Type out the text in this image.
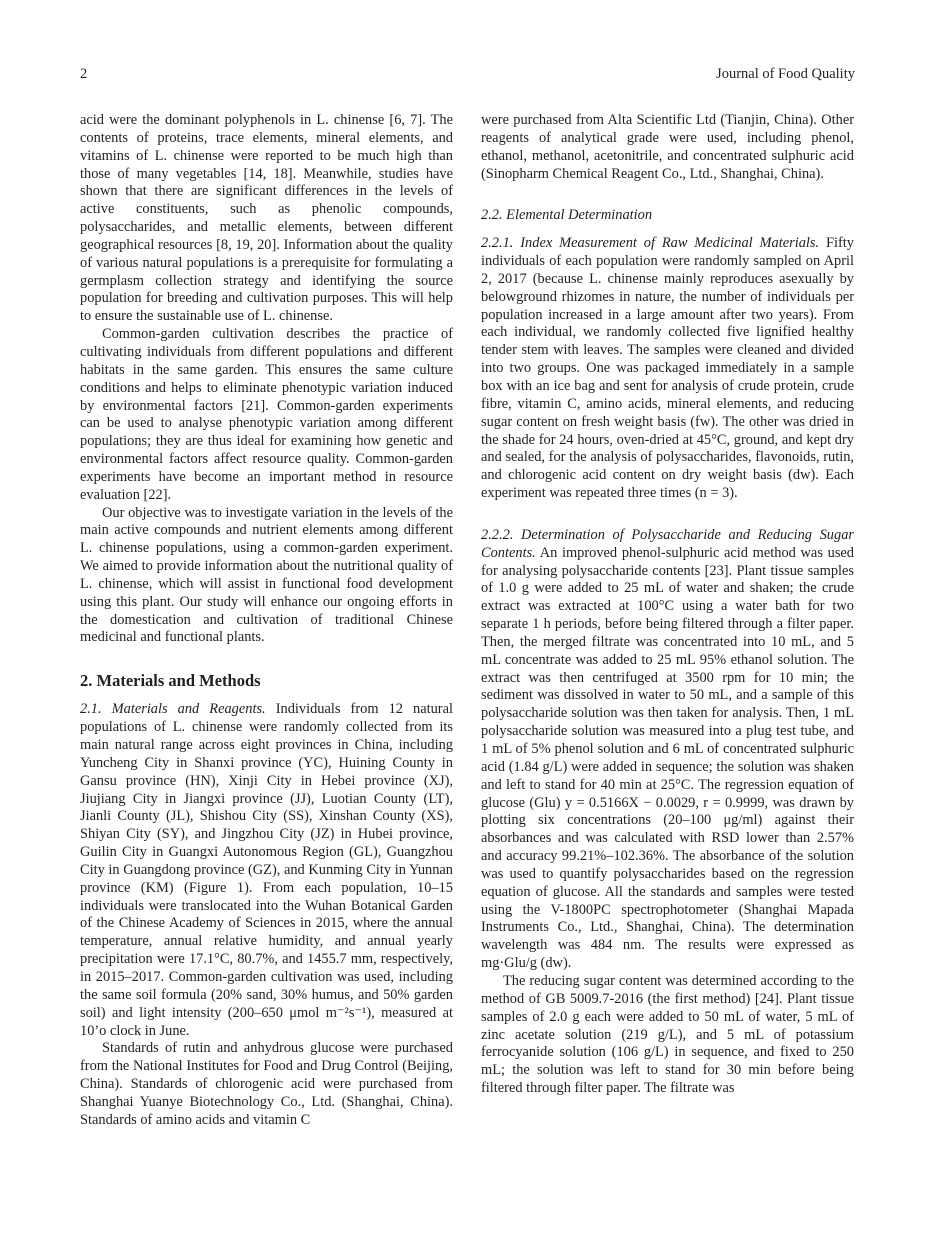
2	Journal of Food Quality

acid were the dominant polyphenols in L. chinense [6, 7]. The contents of proteins, trace elements, mineral elements, and vitamins of L. chinense were reported to be much high than those of many vegetables [14, 18]. Meanwhile, studies have shown that there are significant differences in the levels of active constituents, such as phenolic compounds, polysaccharides, and metallic elements, between different geographical resources [8, 19, 20]. Information about the quality of various natural populations is a prerequisite for formulating a germplasm collection strategy and identifying the source population for breeding and cultivation purposes. This will help to ensure the sustainable use of L. chinense.

Common-garden cultivation describes the practice of cultivating individuals from different populations and different habitats in the same garden. This ensures the same culture conditions and helps to eliminate phenotypic variation induced by environmental factors [21]. Common-garden experiments can be used to analyse phenotypic variation among different populations; they are thus ideal for examining how genetic and environmental factors affect resource quality. Common-garden experiments have become an important method in resource evaluation [22].

Our objective was to investigate variation in the levels of the main active compounds and nutrient elements among different L. chinense populations, using a common-garden experiment. We aimed to provide information about the nutritional quality of L. chinense, which will assist in functional food development using this plant. Our study will enhance our ongoing efforts in the domestication and cultivation of traditional Chinese medicinal and functional plants.

2. Materials and Methods

2.1. Materials and Reagents. Individuals from 12 natural populations of L. chinense were randomly collected from its main natural range across eight provinces in China, including Yuncheng City in Shanxi province (YC), Huining County in Gansu province (HN), Xinji City in Hebei province (XJ), Jiujiang City in Jiangxi province (JJ), Luotian County (LT), Jianli County (JL), Shishou City (SS), Xinshan County (XS), Shiyan City (SY), and Jingzhou City (JZ) in Hubei province, Guilin City in Guangxi Autonomous Region (GL), Guangzhou City in Guangdong province (GZ), and Kunming City in Yunnan province (KM) (Figure 1). From each population, 10–15 individuals were translocated into the Wuhan Botanical Garden of the Chinese Academy of Sciences in 2015, where the annual temperature, annual relative humidity, and annual yearly precipitation were 17.1°C, 80.7%, and 1455.7 mm, respectively, in 2015–2017. Common-garden cultivation was used, including the same soil formula (20% sand, 30% humus, and 50% garden soil) and light intensity (200–650 μmol m⁻²s⁻¹), measured at 10’o clock in June.

Standards of rutin and anhydrous glucose were purchased from the National Institutes for Food and Drug Control (Beijing, China). Standards of chlorogenic acid were purchased from Shanghai Yuanye Biotechnology Co., Ltd. (Shanghai, China). Standards of amino acids and vitamin C

were purchased from Alta Scientific Ltd (Tianjin, China). Other reagents of analytical grade were used, including phenol, ethanol, methanol, acetonitrile, and concentrated sulphuric acid (Sinopharm Chemical Reagent Co., Ltd., Shanghai, China).

2.2. Elemental Determination

2.2.1. Index Measurement of Raw Medicinal Materials. Fifty individuals of each population were randomly sampled on April 2, 2017 (because L. chinense mainly reproduces asexually by belowground rhizomes in nature, the number of individuals per population increased in a large amount after two years). From each individual, we randomly collected five lignified healthy tender stem with leaves. The samples were cleaned and divided into two groups. One was packaged immediately in a sample box with an ice bag and sent for analysis of crude protein, crude fibre, vitamin C, amino acids, mineral elements, and reducing sugar content on fresh weight basis (fw). The other was dried in the shade for 24 hours, oven-dried at 45°C, ground, and kept dry and sealed, for the analysis of polysaccharides, flavonoids, rutin, and chlorogenic acid content on dry weight basis (dw). Each experiment was repeated three times (n = 3).

2.2.2. Determination of Polysaccharide and Reducing Sugar Contents. An improved phenol-sulphuric acid method was used for analysing polysaccharide contents [23]. Plant tissue samples of 1.0 g were added to 25 mL of water and shaken; the crude extract was extracted at 100°C using a water bath for two separate 1 h periods, before being filtered through a filter paper. Then, the merged filtrate was concentrated into 10 mL, and 5 mL concentrate was added to 25 mL 95% ethanol solution. The extract was then centrifuged at 3500 rpm for 10 min; the sediment was dissolved in water to 50 mL, and a sample of this polysaccharide solution was then taken for analysis. Then, 1 mL polysaccharide solution was measured into a plug test tube, and 1 mL of 5% phenol solution and 6 mL of concentrated sulphuric acid (1.84 g/L) were added in sequence; the solution was shaken and left to stand for 40 min at 25°C. The regression equation of glucose (Glu) y = 0.5166X − 0.0029, r = 0.9999, was drawn by plotting six concentrations (20–100 μg/ml) against their absorbances and was calculated with RSD lower than 2.57% and accuracy 99.21%–102.36%. The absorbance of the solution was used to quantify polysaccharides based on the regression equation of glucose. All the standards and samples were tested using the V-1800PC spectrophotometer (Shanghai Mapada Instruments Co., Ltd., Shanghai, China). The determination wavelength was 484 nm. The results were expressed as mg·Glu/g (dw).

The reducing sugar content was determined according to the method of GB 5009.7-2016 (the first method) [24]. Plant tissue samples of 2.0 g each were added to 50 mL of water, 5 mL of zinc acetate solution (219 g/L), and 5 mL of potassium ferrocyanide solution (106 g/L) in sequence, and fixed to 250 mL; the solution was left to stand for 30 min before being filtered through filter paper. The filtrate was
